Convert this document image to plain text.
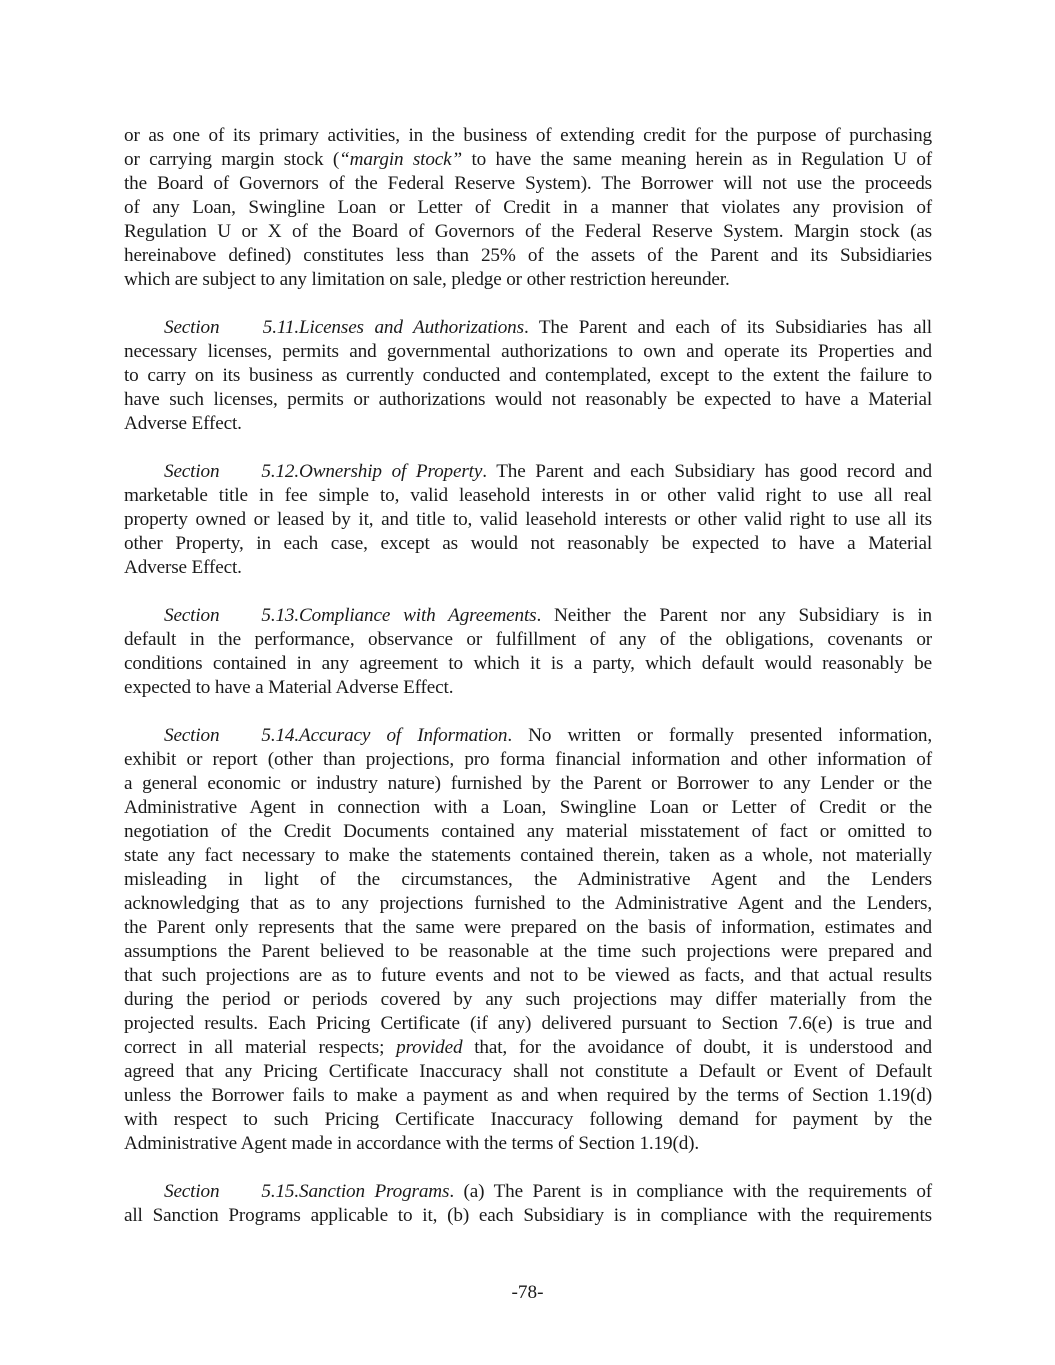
or as one of its primary activities, in the business of extending credit for the purpose of purchasing
or carrying margin stock (“margin stock” to have the same meaning herein as in Regulation U of
the Board of Governors of the Federal Reserve System). The Borrower will not use the proceeds
of any Loan, Swingline Loan or Letter of Credit in a manner that violates any provision of
Regulation U or X of the Board of Governors of the Federal Reserve System. Margin stock (as
hereinabove defined) constitutes less than 25% of the assets of the Parent and its Subsidiaries
which are subject to any limitation on sale, pledge or other restriction hereunder.
Section 5.11.Licenses and Authorizations. The Parent and each of its Subsidiaries has all
necessary licenses, permits and governmental authorizations to own and operate its Properties and
to carry on its business as currently conducted and contemplated, except to the extent the failure to
have such licenses, permits or authorizations would not reasonably be expected to have a Material
Adverse Effect.
Section 5.12.Ownership of Property. The Parent and each Subsidiary has good record and
marketable title in fee simple to, valid leasehold interests in or other valid right to use all real
property owned or leased by it, and title to, valid leasehold interests or other valid right to use all its
other Property, in each case, except as would not reasonably be expected to have a Material
Adverse Effect.
Section 5.13.Compliance with Agreements. Neither the Parent nor any Subsidiary is in
default in the performance, observance or fulfillment of any of the obligations, covenants or
conditions contained in any agreement to which it is a party, which default would reasonably be
expected to have a Material Adverse Effect.
Section 5.14.Accuracy of Information. No written or formally presented information,
exhibit or report (other than projections, pro forma financial information and other information of
a general economic or industry nature) furnished by the Parent or Borrower to any Lender or the
Administrative Agent in connection with a Loan, Swingline Loan or Letter of Credit or the
negotiation of the Credit Documents contained any material misstatement of fact or omitted to
state any fact necessary to make the statements contained therein, taken as a whole, not materially
misleading in light of the circumstances, the Administrative Agent and the Lenders
acknowledging that as to any projections furnished to the Administrative Agent and the Lenders,
the Parent only represents that the same were prepared on the basis of information, estimates and
assumptions the Parent believed to be reasonable at the time such projections were prepared and
that such projections are as to future events and not to be viewed as facts, and that actual results
during the period or periods covered by any such projections may differ materially from the
projected results. Each Pricing Certificate (if any) delivered pursuant to Section 7.6(e) is true and
correct in all material respects; provided that, for the avoidance of doubt, it is understood and
agreed that any Pricing Certificate Inaccuracy shall not constitute a Default or Event of Default
unless the Borrower fails to make a payment as and when required by the terms of Section 1.19(d)
with respect to such Pricing Certificate Inaccuracy following demand for payment by the
Administrative Agent made in accordance with the terms of Section 1.19(d).
Section 5.15.Sanction Programs. (a) The Parent is in compliance with the requirements of
all Sanction Programs applicable to it, (b) each Subsidiary is in compliance with the requirements
-78-
